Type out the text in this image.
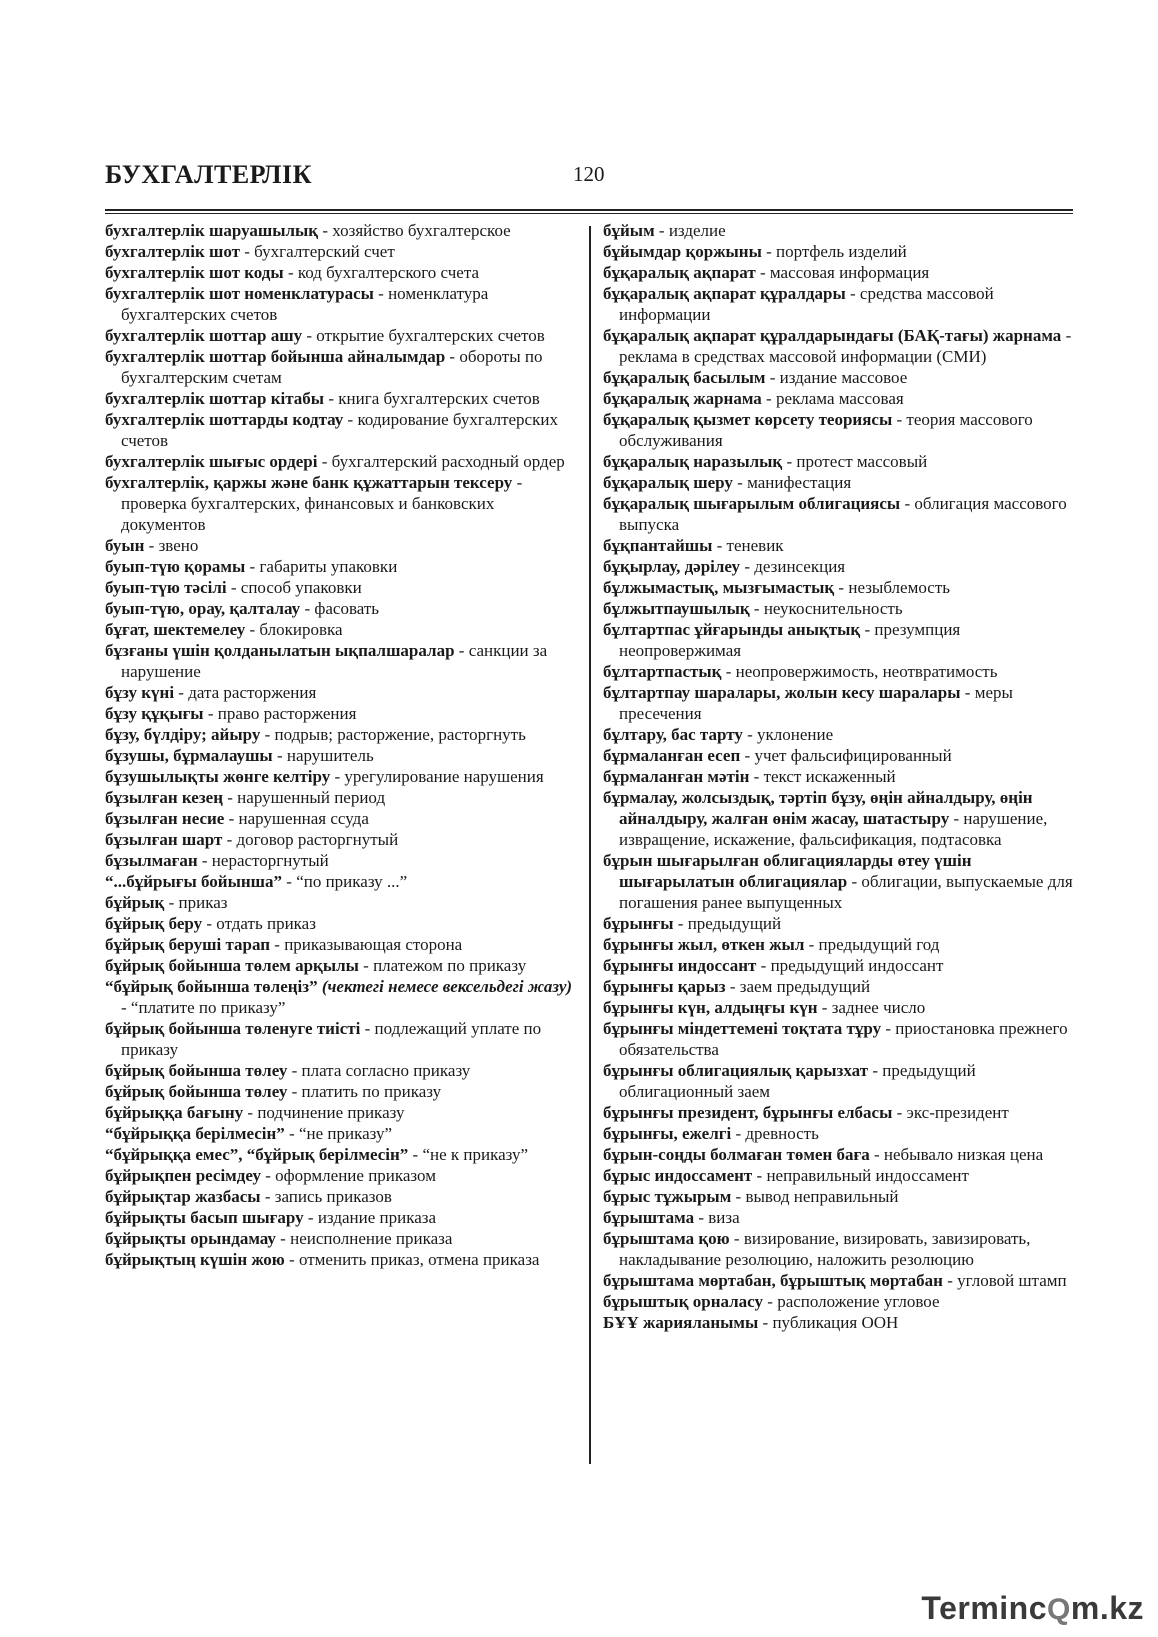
БУХГАЛТЕРЛІК	120

бухгалтерлік шаруашылық - хозяйство бухгалтерское

бухгалтерлік шот - бухгалтерский счет

бухгалтерлік шот коды - код бухгалтерского счета

бухгалтерлік шот номенклатурасы - номенклатура бухгалтерских счетов

бухгалтерлік шоттар ашу - открытие бухгалтерских счетов

бухгалтерлік шоттар бойынша айналымдар - обороты по бухгалтерским счетам

бухгалтерлік шоттар кітабы - книга бухгалтерских счетов

бухгалтерлік шоттарды кодтау - кодирование бухгалтерских счетов

бухгалтерлік шығыс ордері - бухгалтерский расходный ордер

бухгалтерлік, қаржы және банк құжаттарын тексеру - проверка бухгалтерских, финансовых и банковских документов

буын - звено

буып-түю қорамы - габариты упаковки

буып-түю тәсілі - способ упаковки

буып-түю, орау, қалталау - фасовать

бұғат, шектемелеу - блокировка

бұзғаны үшін қолданылатын ықпалшаралар - санкции за нарушение

бұзу күні - дата расторжения

бұзу құқығы - право расторжения

бұзу, бүлдіру; айыру - подрыв; расторжение, расторгнуть

бұзушы, бұрмалаушы - нарушитель

бұзушылықты жөнге келтіру - урегулирование нарушения

бұзылған кезең - нарушенный период

бұзылған несие - нарушенная ссуда

бұзылған шарт - договор расторгнутый

бұзылмаған - нерасторгнутый

“...бұйрығы бойынша” - “по приказу ...”

бұйрық - приказ

бұйрық беру - отдать приказ

бұйрық беруші тарап - приказывающая сторона

бұйрық бойынша төлем арқылы - платежом по приказу

“бұйрық бойынша төлеңіз” (чектегі немесе вексельдегі жазу) - “платите по приказу”

бұйрық бойынша төленуге тиісті - подлежащий уплате по приказу

бұйрық бойынша төлеу - плата согласно приказу

бұйрық бойынша төлеу - платить по приказу

бұйрыққа бағыну - подчинение приказу

“бұйрыққа берілмесін” - “не приказу”

“бұйрыққа емес”, “бұйрық берілмесін” - “не к приказу”

бұйрықпен ресімдеу - оформление приказом

бұйрықтар жазбасы - запись приказов

бұйрықты басып шығару - издание приказа

бұйрықты орындамау - неисполнение приказа

бұйрықтың күшін жою - отменить приказ, отмена приказа

бұйым - изделие

бұйымдар қоржыны - портфель изделий

бұқаралық ақпарат - массовая информация

бұқаралық ақпарат құралдары - средства массовой информации

бұқаралық ақпарат құралдарындағы (БАҚ-тағы) жарнама - реклама в средствах массовой информации (СМИ)

бұқаралық басылым - издание массовое

бұқаралық жарнама - реклама массовая

бұқаралық қызмет көрсету теориясы - теория массового обслуживания

бұқаралық наразылық - протест массовый

бұқаралық шеру - манифестация

бұқаралық шығарылым облигациясы - облигация массового выпуска

бұқпантайшы - теневик

бұқырлау, дәрілеу - дезинсекция

бұлжымастық, мызғымастық - незыблемость

бұлжытпаушылық - неукоснительность

бұлтартпас ұйғарынды анықтық - презумпция неопровержимая

бұлтартпастық - неопровержимость, неотвратимость

бұлтартпау шаралары, жолын кесу шаралары - меры пресечения

бұлтару, бас тарту - уклонение

бұрмаланған есеп - учет фальсифицированный

бұрмаланған мәтін - текст искаженный

бұрмалау, жолсыздық, тәртіп бұзу, өңін айналдыру, өңін айналдыру, жалған өнім жасау, шатастыру - нарушение, извращение, искажение, фальсификация, подтасовка

бұрын шығарылған облигацияларды өтеу үшін шығарылатын облигациялар - облигации, выпускаемые для погашения ранее выпущенных

бұрынғы - предыдущий

бұрынғы жыл, өткен жыл - предыдущий год

бұрынғы индоссант - предыдущий индоссант

бұрынғы қарыз - заем предыдущий

бұрынғы күн, алдыңғы күн - заднее число

бұрынғы міндеттемені тоқтата тұру - приостановка прежнего обязательства

бұрынғы облигациялық қарызхат - предыдущий облигационный заем

бұрынғы президент, бұрынғы елбасы - экс-президент

бұрынғы, ежелгі - древность

бұрын-соңды болмаған төмен баға - небывало низкая цена

бұрыс индоссамент - неправильный индоссамент

бұрыс тұжырым - вывод неправильный

бұрыштама - виза

бұрыштама қою - визирование, визировать, завизировать, накладывание резолюцию, наложить резолюцию

бұрыштама мөртабан, бұрыштық мөртабан - угловой штамп

бұрыштық орналасу - расположение угловое

БҰҰ жарияланымы - публикация ООН

TermincQm.kz
